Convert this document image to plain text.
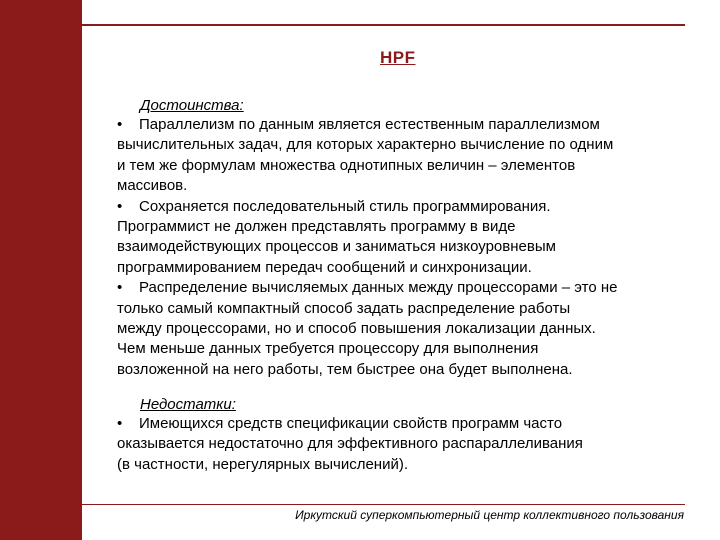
HPF
Достоинства:
• Параллелизм по данным является естественным параллелизмом
вычислительных задач, для которых характерно вычисление по одним
и тем же формулам множества однотипных величин – элементов
массивов.
• Сохраняется последовательный стиль программирования.
Программист не должен представлять программу в виде
взаимодействующих процессов и заниматься низкоуровневым
программированием передач сообщений и синхронизации.
• Распределение вычисляемых данных между процессорами – это не
только самый компактный способ задать распределение работы
между процессорами, но и способ повышения локализации данных.
Чем меньше данных требуется процессору для выполнения
возложенной на него работы, тем быстрее она будет выполнена.
Недостатки:
• Имеющихся средств спецификации свойств программ часто
оказывается недостаточно для эффективного распараллеливания
(в частности, нерегулярных вычислений).
Иркутский суперкомпьютерный центр коллективного пользования
